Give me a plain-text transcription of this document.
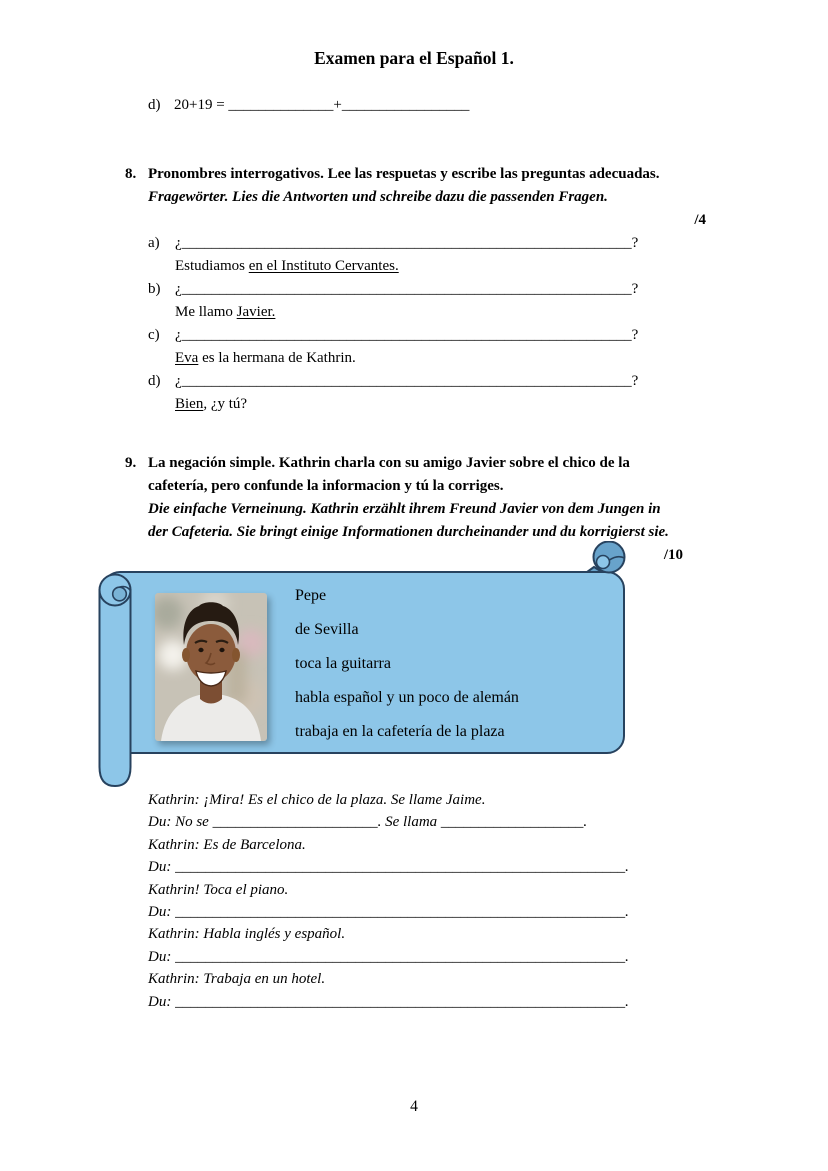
Examen para el Español 1.
d) 20+19 = ______________+_________________
8. Pronombres interrogativos. Lee las respuetas y escribe las preguntas adecuadas.
Fragewörter. Lies die Antworten und schreibe dazu die passenden Fragen.
/4
a) ¿____________________________________________________________?
Estudiamos en el Instituto Cervantes.
b) ¿____________________________________________________________?
Me llamo Javier.
c) ¿____________________________________________________________?
Eva es la hermana de Kathrin.
d) ¿____________________________________________________________?
Bien, ¿y tú?
9. La negación simple. Kathrin charla con su amigo Javier sobre el chico de la
cafetería, pero confunde la informacion y tú la corriges.
Die einfache Verneinung. Kathrin erzählt ihrem Freund Javier von dem Jungen in
der Cafeteria. Sie bringt einige Informationen durcheinander und du korrigierst sie.
/10
Pepe
de Sevilla
toca la guitarra
habla español y un poco de alemán
trabaja en la cafetería de la plaza
Kathrin: ¡Mira! Es el chico de la plaza. Se llame Jaime.
Du: No se ______________________. Se llama ___________________.
Kathrin: Es de Barcelona.
Du: ____________________________________________________________.
Kathrin! Toca el piano.
Du: ____________________________________________________________.
Kathrin: Habla inglés y español.
Du: ____________________________________________________________.
Kathrin: Trabaja en un hotel.
Du: ____________________________________________________________.
4
